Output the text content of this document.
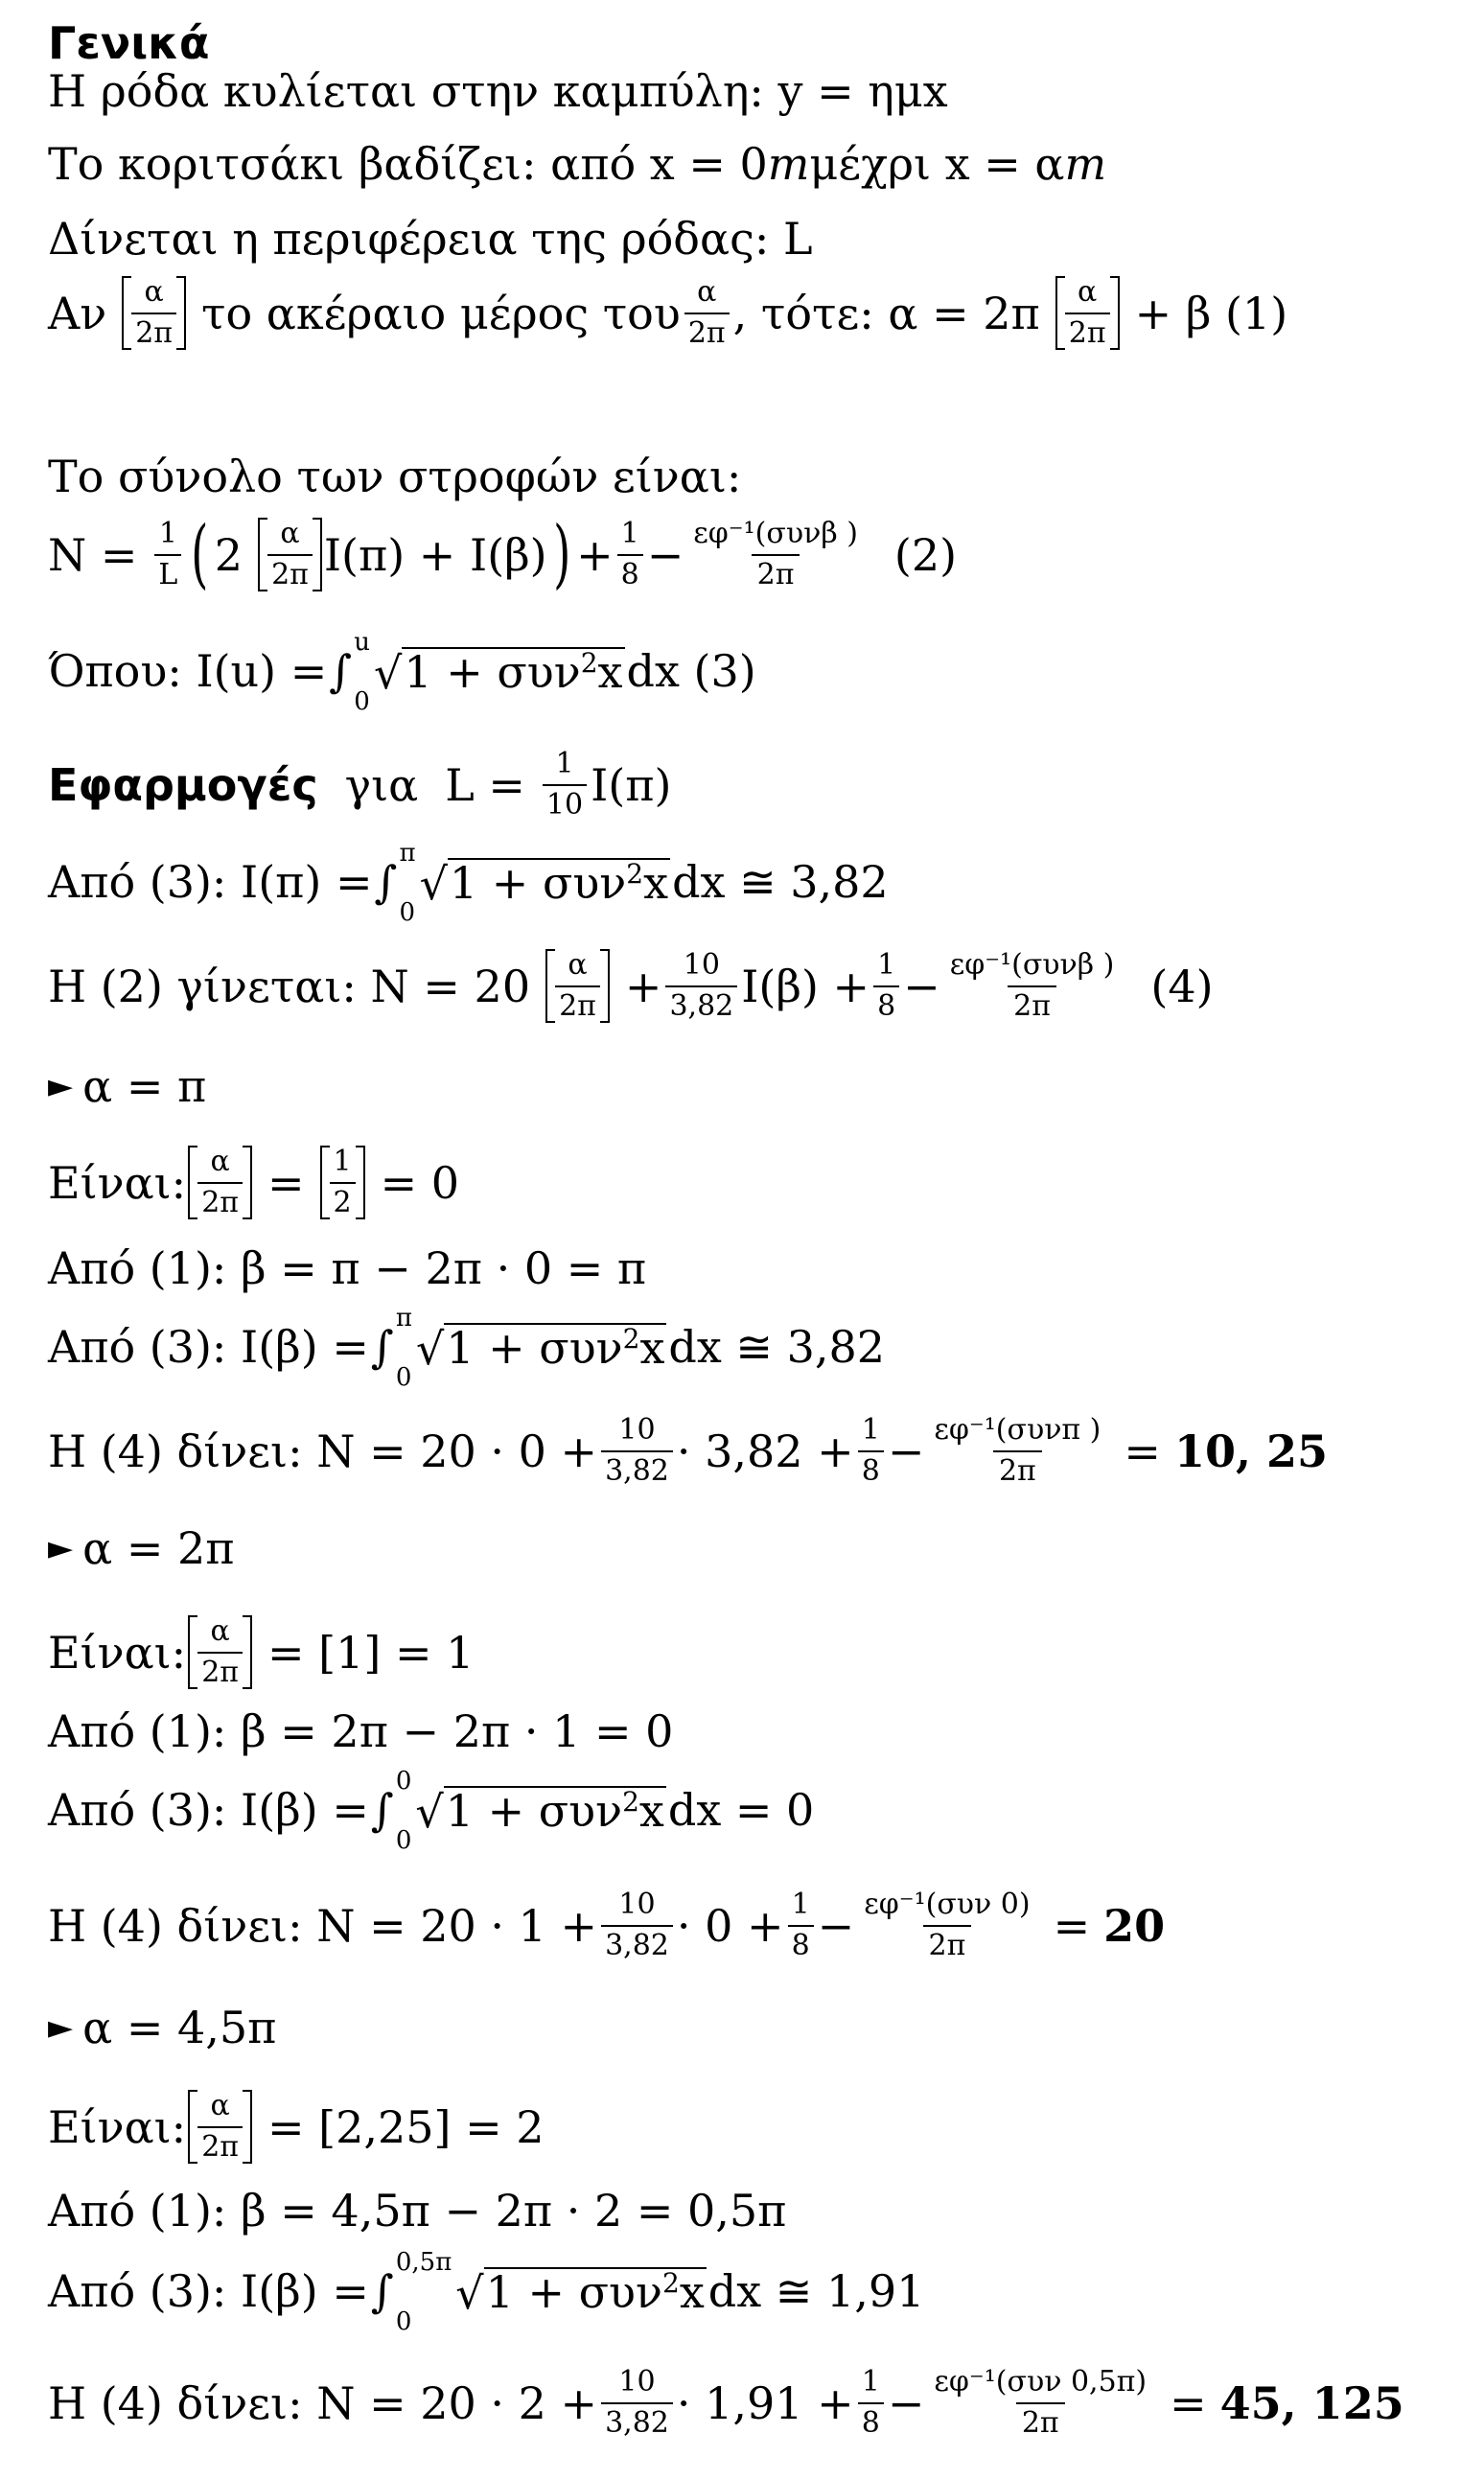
Γενικά
Η ρόδα κυλίεται στην καμπύλη: y = ημx
Το κοριτσάκι βαδίζει: από x = 0 m μέχρι x = α m
Δίνεται η περιφέρεια της ρόδας: L
Αν $\frac{\alpha}{2\pi}$ το ακέραιο μέρος του $\frac{\alpha}{2\pi}$ , τότε: $\alpha = 2\pi \frac{\alpha}{2\pi} + \beta$ (1)
Το σύνολο των στροφών είναι:
$N = \frac{1}{L}$ ( $2 \frac{\alpha}{2\pi} I(\pi) + I(\beta)$ ) + $\frac{1}{8} - \frac{\text{εφ⁻¹(συνβ )}}{2\pi} (2)$
Όπου: I(u) = ∫
u
0
√ 1 + συν$^2$x dx (3)
Εφαρμογές για $L = \frac{1}{10} I(\pi)$
Από (3): I(π) = ∫
π
0
√ 1 + συν$^2$x dx ≅ 3,82
Η (2) γίνεται: $N = 20 \frac{\alpha}{2\pi} + \frac{10}{3,82} I(\beta) + \frac{1}{8} - \frac{\text{εφ⁻¹(συνβ )}}{2\pi} (4)$
► α = π
Είναι: $\frac{\alpha}{2\pi} = \frac{1}{2} = 0$
Από (1): β = π − 2π · 0 = π
Από (3): I(β) = ∫
π
0
√ 1 + συν$^2$x dx ≅ 3,82
Η (4) δίνει: $N = 20 \cdot 0 + \frac{10}{3,82} \cdot 3,82 + \frac{1}{8} - \frac{\text{εφ⁻¹(συνπ )}}{2\pi} = 10$, 25
► α = 2π
Είναι: $\frac{\alpha}{2\pi} = [1] = 1$
Από (1): β = 2π − 2π · 1 = 0
Από (3): I(β) = ∫
0
0
√ 1 + συν$^2$x dx = 0
Η (4) δίνει: $N = 20 \cdot 1 + \frac{10}{3,82} \cdot 0 + \frac{1}{8} - \frac{\text{εφ⁻¹(συν 0)}}{2\pi} = 20$
► α = 4,5π
Είναι: $\frac{\alpha}{2\pi} = [2,25] = 2$
Από (1): β = 4,5π − 2π · 2 = 0,5π
Από (3): I(β) = ∫
0,5π
0
√ 1 + συν$^2$x dx ≅ 1,91
Η (4) δίνει: $N = 20 \cdot 2 + \frac{10}{3,82} \cdot 1,91 + \frac{1}{8} - \frac{\text{εφ⁻¹(συν 0,5π)}}{2\pi} = 45$, 125
